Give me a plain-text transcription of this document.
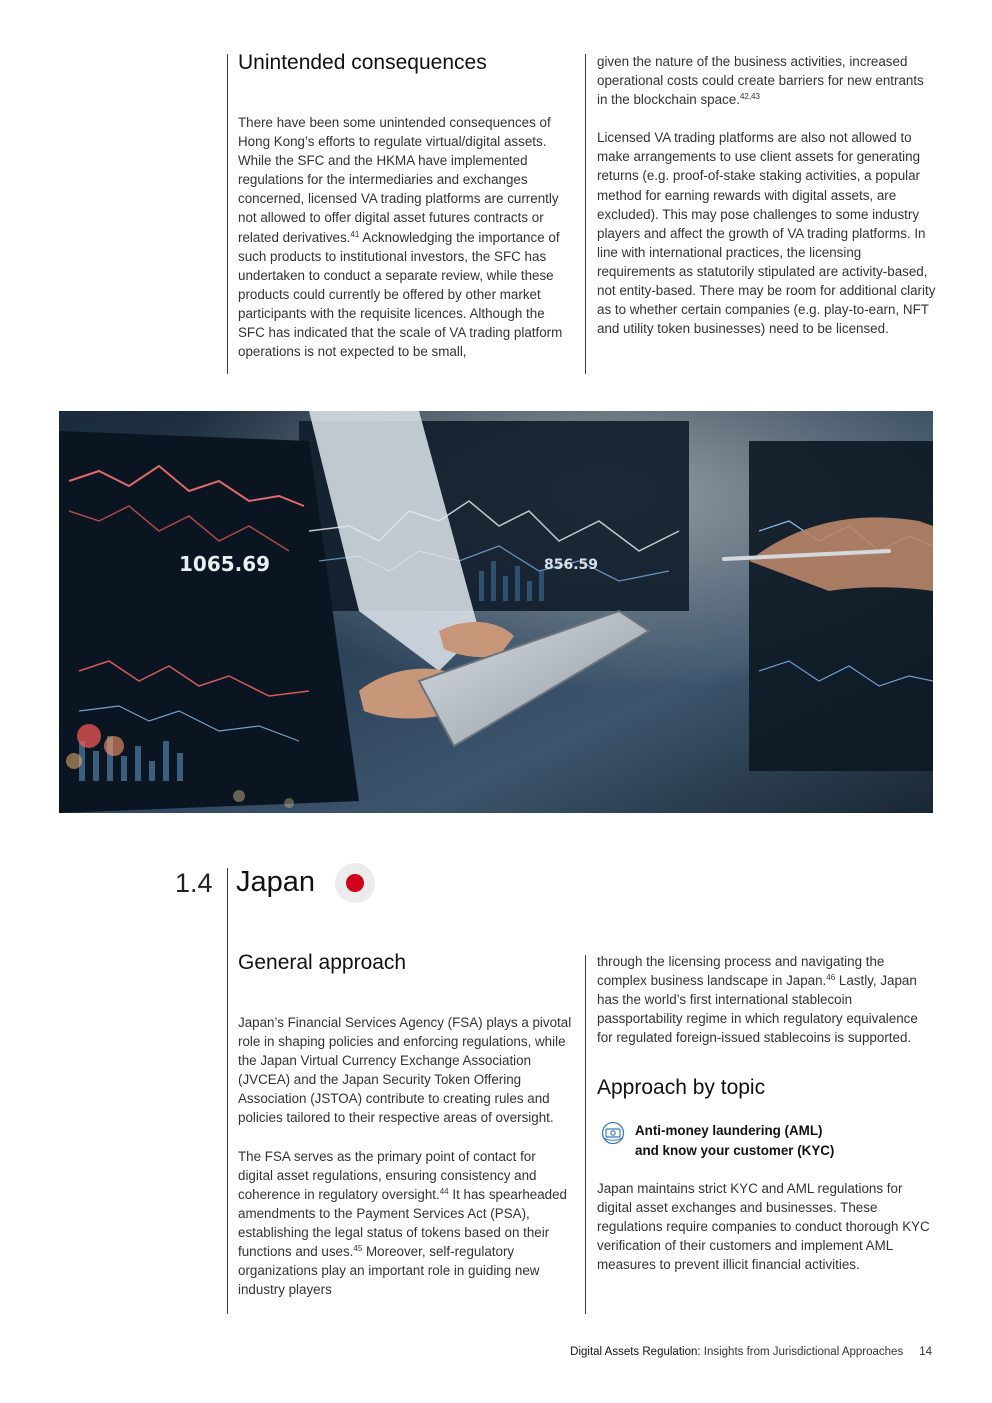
Unintended consequences

There have been some unintended consequences of Hong Kong’s efforts to regulate virtual/digital assets. While the SFC and the HKMA have implemented regulations for the intermediaries and exchanges concerned, licensed VA trading platforms are currently not allowed to offer digital asset futures contracts or related derivatives.$^{41}$ Acknowledging the importance of such products to institutional investors, the SFC has undertaken to conduct a separate review, while these products could currently be offered by other market participants with the requisite licences. Although the SFC has indicated that the scale of VA trading platform operations is not expected to be small,

given the nature of the business activities, increased operational costs could create barriers for new entrants in the blockchain space.$^{42,43}$

Licensed VA trading platforms are also not allowed to make arrangements to use client assets for generating returns (e.g. proof-of-stake staking activities, a popular method for earning rewards with digital assets, are excluded). This may pose challenges to some industry players and affect the growth of VA trading platforms. In line with international practices, the licensing requirements as statutorily stipulated are activity-based, not entity-based. There may be room for additional clarity as to whether certain companies (e.g. play-to-earn, NFT and utility token businesses) need to be licensed.

1065.69	856.59
1.4 Japan
General approach

Japan’s Financial Services Agency (FSA) plays a pivotal role in shaping policies and enforcing regulations, while the Japan Virtual Currency Exchange Association (JVCEA) and the Japan Security Token Offering Association (JSTOA) contribute to creating rules and policies tailored to their respective areas of oversight.

The FSA serves as the primary point of contact for digital asset regulations, ensuring consistency and coherence in regulatory oversight.$^{44}$ It has spearheaded amendments to the Payment Services Act (PSA), establishing the legal status of tokens based on their functions and uses.$^{45}$ Moreover, self-regulatory organizations play an important role in guiding new industry players

through the licensing process and navigating the complex business landscape in Japan.$^{46}$ Lastly, Japan has the world’s first international stablecoin passportability regime in which regulatory equivalence for regulated foreign-issued stablecoins is supported.

Approach by topic
Anti-money laundering (AML)
and know your customer (KYC)

Japan maintains strict KYC and AML regulations for digital asset exchanges and businesses. These regulations require companies to conduct thorough KYC verification of their customers and implement AML measures to prevent illicit financial activities.

Digital Assets Regulation: Insights from Jurisdictional Approaches 14
